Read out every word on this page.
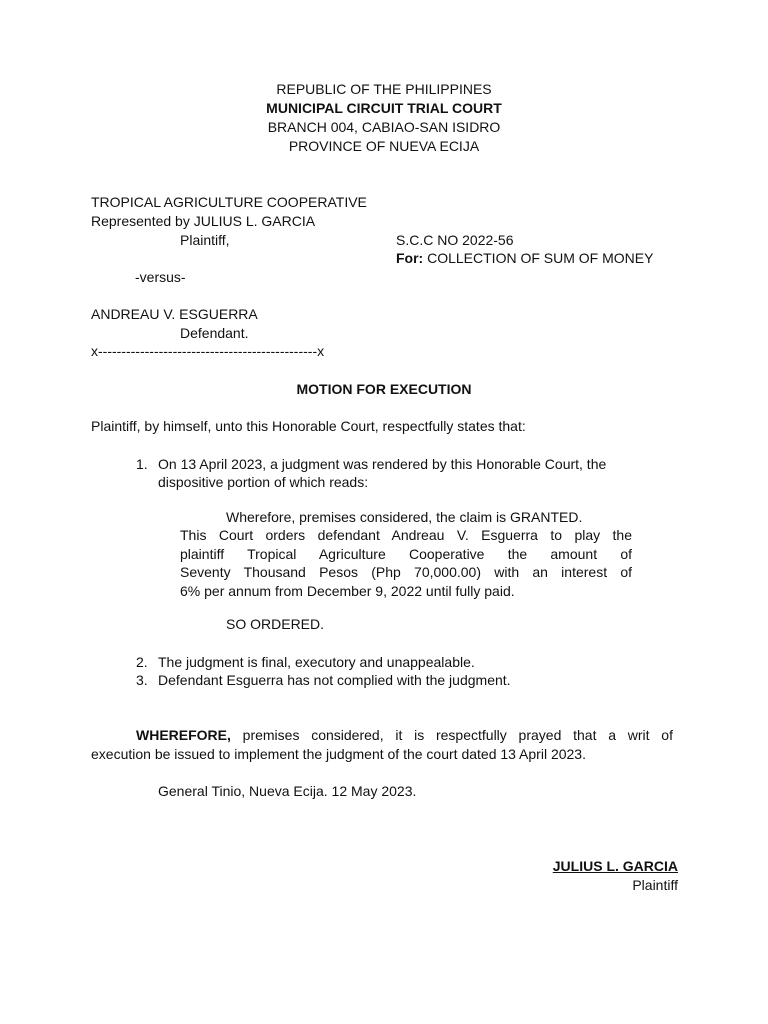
REPUBLIC OF THE PHILIPPINES
MUNICIPAL CIRCUIT TRIAL COURT
BRANCH 004, CABIAO-SAN ISIDRO
PROVINCE OF NUEVA ECIJA
TROPICAL AGRICULTURE COOPERATIVE
Represented by JULIUS L. GARCIA
Plaintiff,	S.C.C NO 2022-56
For: COLLECTION OF SUM OF MONEY
-versus-
ANDREAU V. ESGUERRA
Defendant.
x-----------------------------------------------x
MOTION FOR EXECUTION
Plaintiff, by himself, unto this Honorable Court, respectfully states that:
1. On 13 April 2023, a judgment was rendered by this Honorable Court, the
dispositive portion of which reads:
Wherefore, premises considered, the claim is GRANTED.
This Court orders defendant Andreau V. Esguerra to play the
plaintiff Tropical Agriculture Cooperative the amount of
Seventy Thousand Pesos (Php 70,000.00) with an interest of
6% per annum from December 9, 2022 until fully paid.
SO ORDERED.
2. The judgment is final, executory and unappealable.
3. Defendant Esguerra has not complied with the judgment.
WHEREFORE, premises considered, it is respectfully prayed that a writ of
execution be issued to implement the judgment of the court dated 13 April 2023.
General Tinio, Nueva Ecija. 12 May 2023.
JULIUS L. GARCIA
Plaintiff
